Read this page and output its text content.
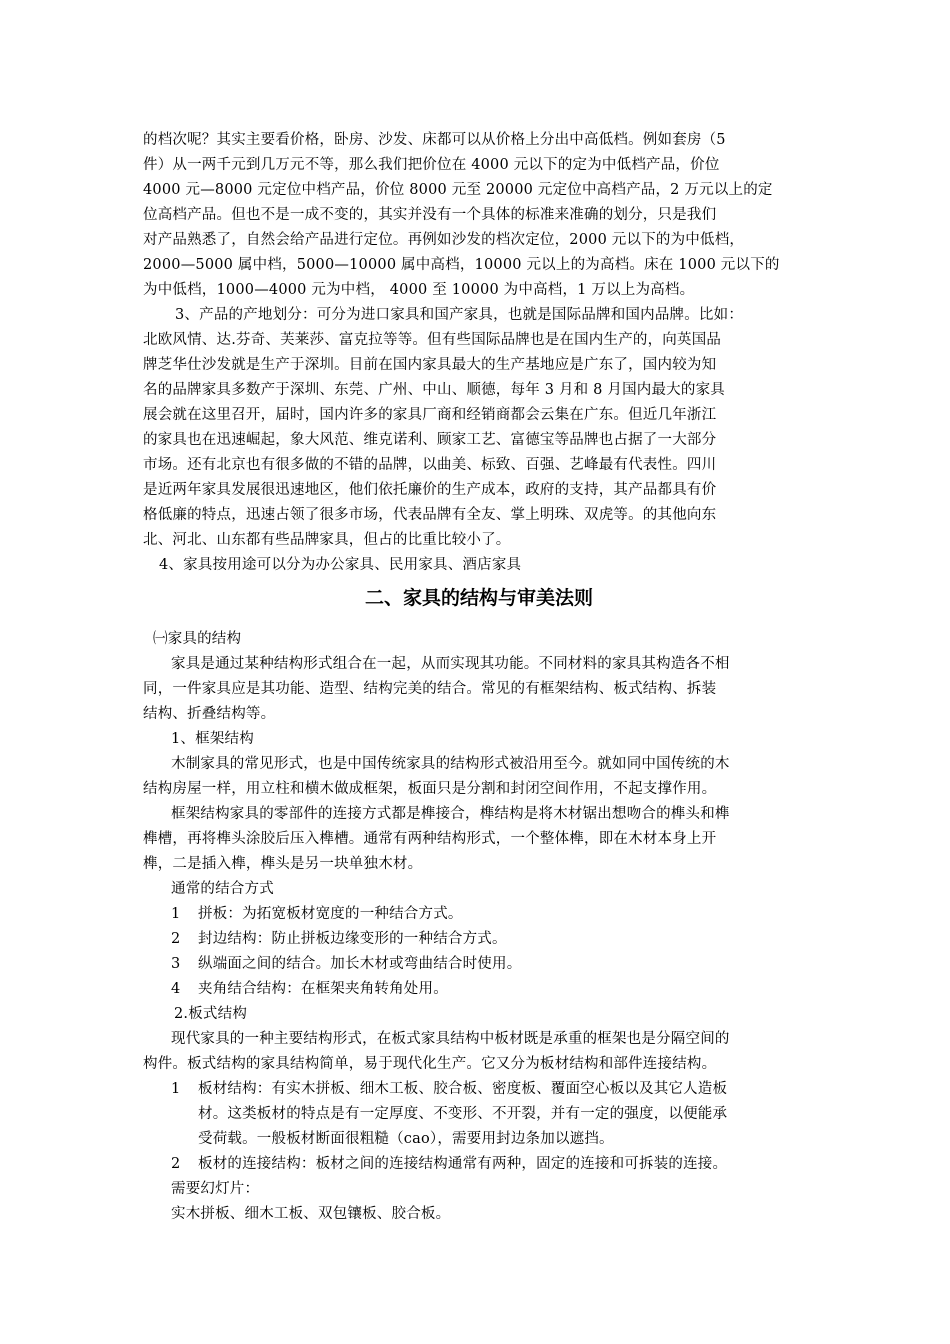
的档次呢？其实主要看价格，卧房、沙发、床都可以从价格上分出中高低档。例如套房（5
件）从一两千元到几万元不等，那么我们把价位在 4000 元以下的定为中低档产品，价位
4000 元—8000 元定位中档产品，价位 8000 元至 20000 元定位中高档产品，2 万元以上的定
位高档产品。但也不是一成不变的，其实并没有一个具体的标准来准确的划分，只是我们
对产品熟悉了，自然会给产品进行定位。再例如沙发的档次定位，2000 元以下的为中低档，
2000—5000 属中档，5000—10000 属中高档，10000 元以上的为高档。床在 1000 元以下的
为中低档，1000—4000 元为中档， 4000 至 10000 为中高档，1 万以上为高档。
3、产品的产地划分：可分为进口家具和国产家具，也就是国际品牌和国内品牌。比如：
北欧风情、达.芬奇、芙莱莎、富克拉等等。但有些国际品牌也是在国内生产的，向英国品
牌芝华仕沙发就是生产于深圳。目前在国内家具最大的生产基地应是广东了，国内较为知
名的品牌家具多数产于深圳、东莞、广州、中山、顺德，每年 3 月和 8 月国内最大的家具
展会就在这里召开，届时，国内许多的家具厂商和经销商都会云集在广东。但近几年浙江
的家具也在迅速崛起，象大风范、维克诺利、顾家工艺、富德宝等品牌也占据了一大部分
市场。还有北京也有很多做的不错的品牌，以曲美、标致、百强、艺峰最有代表性。四川
是近两年家具发展很迅速地区，他们依托廉价的生产成本，政府的支持，其产品都具有价
格低廉的特点，迅速占领了很多市场，代表品牌有全友、掌上明珠、双虎等。的其他向东
北、河北、山东都有些品牌家具，但占的比重比较小了。
4、家具按用途可以分为办公家具、民用家具、酒店家具
二、家具的结构与审美法则
㈠家具的结构
家具是通过某种结构形式组合在一起，从而实现其功能。不同材料的家具其构造各不相
同，一件家具应是其功能、造型、结构完美的结合。常见的有框架结构、板式结构、拆装
结构、折叠结构等。
1、框架结构
木制家具的常见形式，也是中国传统家具的结构形式被沿用至今。就如同中国传统的木
结构房屋一样，用立柱和横木做成框架，板面只是分割和封闭空间作用，不起支撑作用。
框架结构家具的零部件的连接方式都是榫接合，榫结构是将木材锯出想吻合的榫头和榫
榫槽，再将榫头涂胶后压入榫槽。通常有两种结构形式，一个整体榫，即在木材本身上开
榫，二是插入榫，榫头是另一块单独木材。
通常的结合方式
1 拼板：为拓宽板材宽度的一种结合方式。
2 封边结构：防止拼板边缘变形的一种结合方式。
3 纵端面之间的结合。加长木材或弯曲结合时使用。
4 夹角结合结构：在框架夹角转角处用。
2.板式结构
现代家具的一种主要结构形式，在板式家具结构中板材既是承重的框架也是分隔空间的
构件。板式结构的家具结构简单，易于现代化生产。它又分为板材结构和部件连接结构。
1 板材结构：有实木拼板、细木工板、胶合板、密度板、覆面空心板以及其它人造板
材。这类板材的特点是有一定厚度、不变形、不开裂，并有一定的强度，以便能承
受荷载。一般板材断面很粗糙（cao），需要用封边条加以遮挡。
2 板材的连接结构：板材之间的连接结构通常有两种，固定的连接和可拆装的连接。
需要幻灯片：
实木拼板、细木工板、双包镶板、胶合板。
